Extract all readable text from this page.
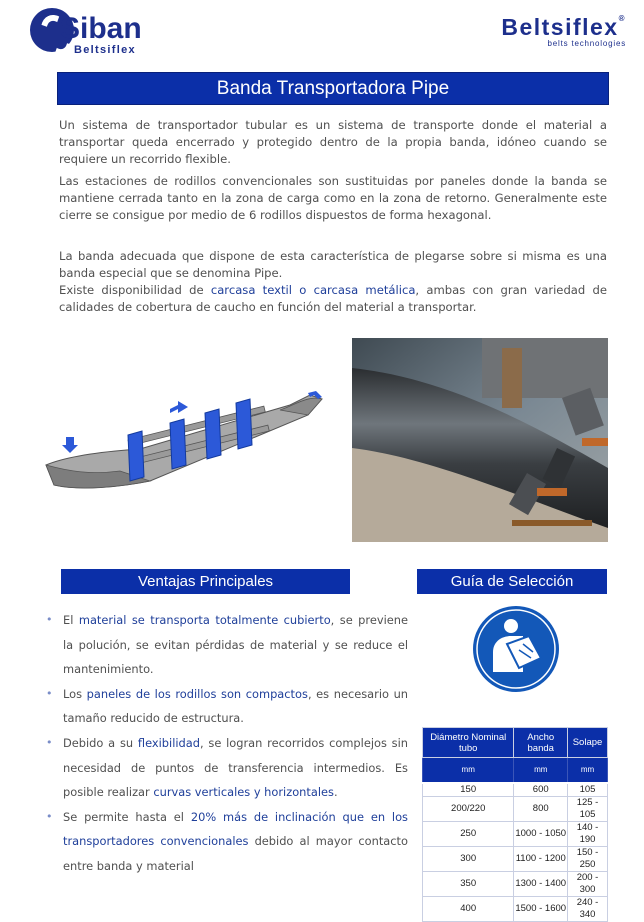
Siban
Beltsiflex
Beltsiflex®
belts technologies
Banda Transportadora Pipe

Un sistema de transportador tubular es un sistema de transporte donde el material a transportar queda encerrado y protegido dentro de la propia banda, idóneo cuando se requiere un recorrido flexible.

Las estaciones de rodillos convencionales son sustituidas por paneles donde la banda se mantiene cerrada tanto en la zona de carga como en la zona de retorno. Generalmente este cierre se consigue por medio de 6 rodillos dispuestos de forma hexagonal.

La banda adecuada que dispone de esta característica de plegarse sobre si misma es una banda especial que se denomina Pipe.

Existe disponibilidad de carcasa textil o carcasa metálica, ambas con gran variedad de calidades de cobertura de caucho en función del material a transportar.

Ventajas Principales	Guía de Selección
• El material se transporta totalmente cubierto, se previene la polución, se evitan pérdidas de material y se reduce el mantenimiento.
• Los paneles de los rodillos son compactos, es necesario un tamaño reducido de estructura.
• Debido a su flexibilidad, se logran recorridos complejos sin necesidad de puntos de transferencia intermedios. Es posible realizar curvas verticales y horizontales.
• Se permite hasta el 20% más de inclinación que en los transportadores convencionales debido al mayor contacto entre banda y material
Diámetro Nominal tubo	Ancho banda	Solape
mm	mm	mm
150	600	105
200/220	800	125 - 105
250	1000 - 1050	140 - 190
300	1100 - 1200	150 - 250
350	1300 - 1400	200 - 300
400	1500 - 1600	240 - 340
